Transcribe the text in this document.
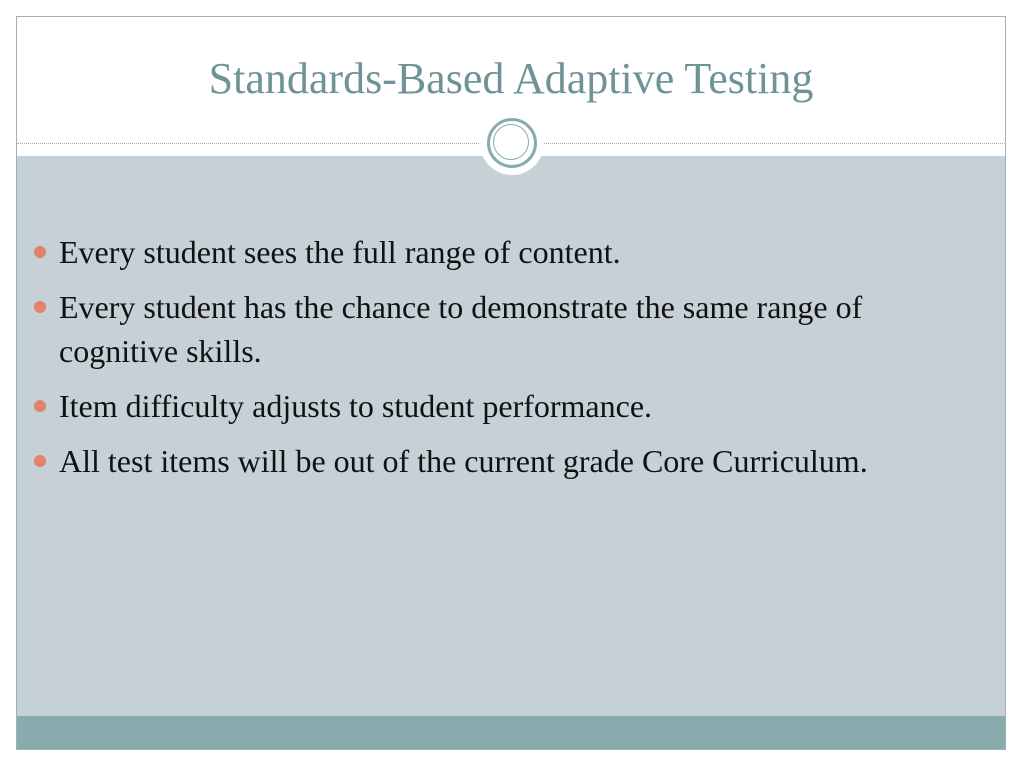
Standards-Based Adaptive Testing
Every student sees the full range of content.
Every student has the chance to demonstrate the same range of cognitive skills.
Item difficulty adjusts to student performance.
All test items will be out of the current grade Core Curriculum.
